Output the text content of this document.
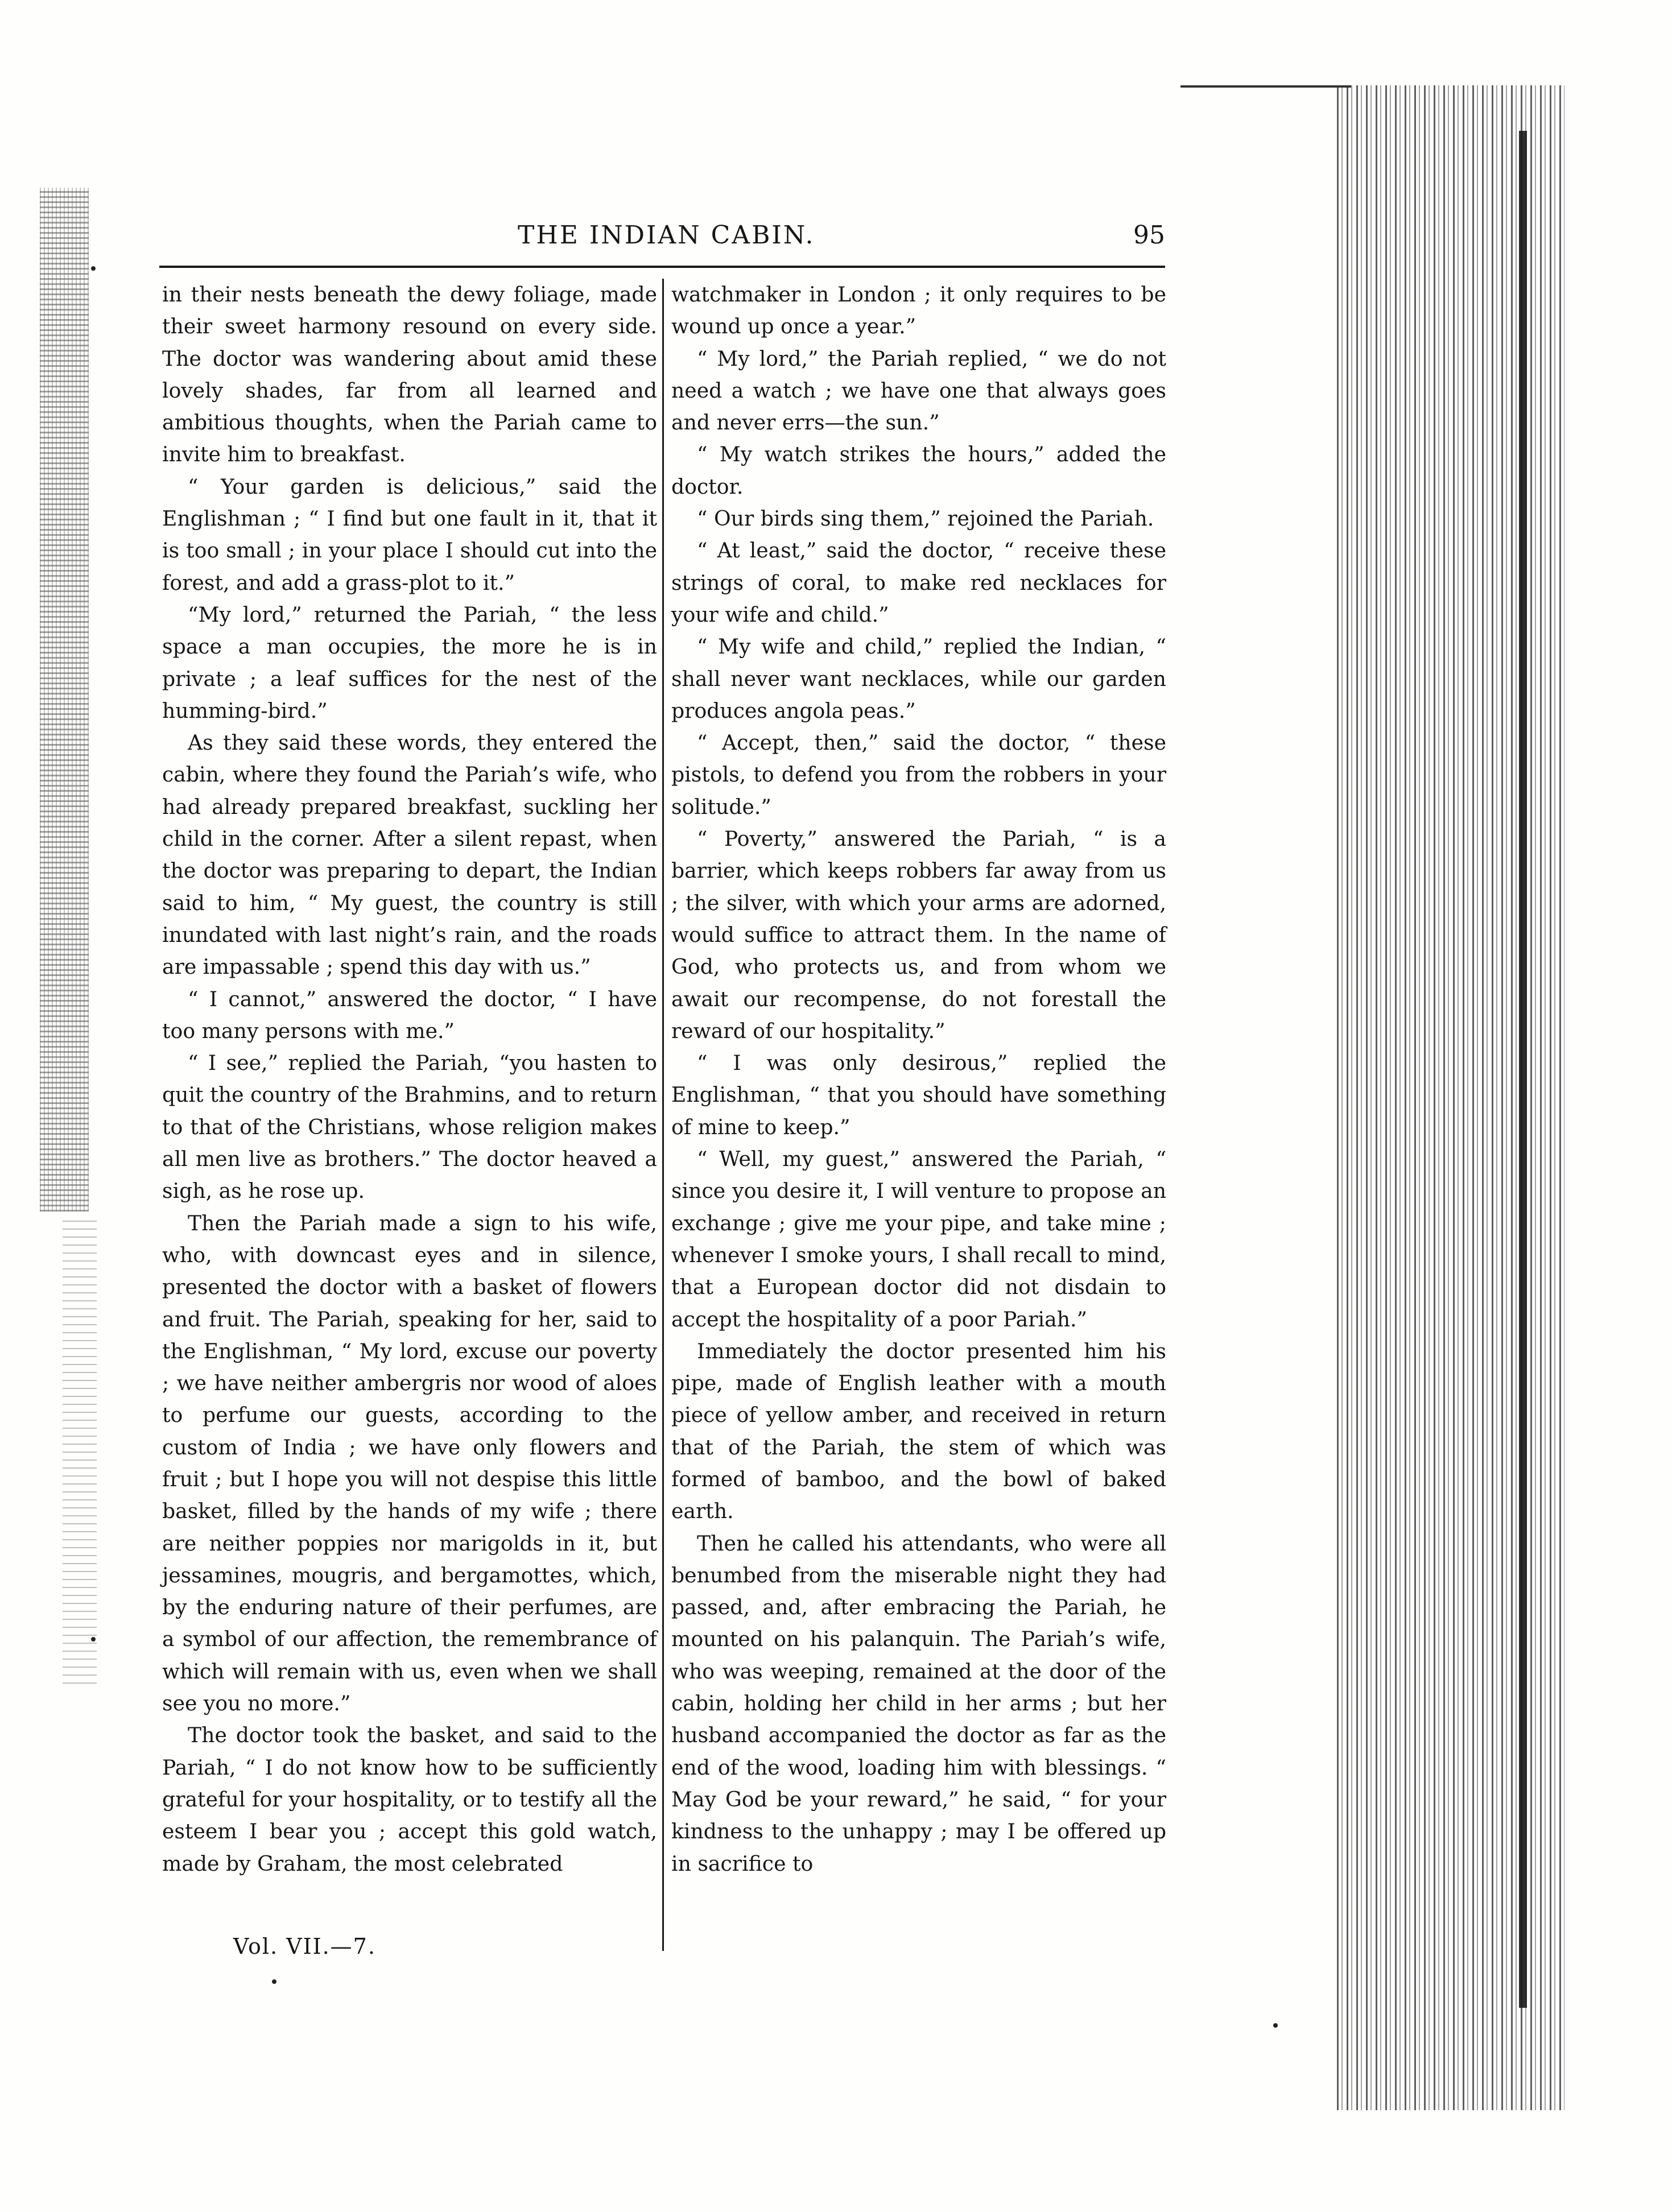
THE INDIAN CABIN.	95

in their nests beneath the dewy foliage, made their sweet harmony resound on every side. The doctor was wandering about amid these lovely shades, far from all learned and ambitious thoughts, when the Pariah came to invite him to breakfast.

“ Your garden is delicious,” said the Englishman ; “ I find but one fault in it, that it is too small ; in your place I should cut into the forest, and add a grass-plot to it.”

“My lord,” returned the Pariah, “ the less space a man occupies, the more he is in private ; a leaf suffices for the nest of the humming-bird.”

As they said these words, they entered the cabin, where they found the Pariah’s wife, who had already prepared breakfast, suckling her child in the corner. After a silent repast, when the doctor was preparing to depart, the Indian said to him, “ My guest, the country is still inundated with last night’s rain, and the roads are impassable ; spend this day with us.”

“ I cannot,” answered the doctor, “ I have too many persons with me.”

“ I see,” replied the Pariah, “you hasten to quit the country of the Brahmins, and to return to that of the Christians, whose religion makes all men live as brothers.” The doctor heaved a sigh, as he rose up.

Then the Pariah made a sign to his wife, who, with downcast eyes and in silence, presented the doctor with a basket of flowers and fruit. The Pariah, speaking for her, said to the Englishman, “ My lord, excuse our poverty ; we have neither ambergris nor wood of aloes to perfume our guests, according to the custom of India ; we have only flowers and fruit ; but I hope you will not despise this little basket, filled by the hands of my wife ; there are neither poppies nor marigolds in it, but jessamines, mougris, and bergamottes, which, by the enduring nature of their perfumes, are a symbol of our affection, the remembrance of which will remain with us, even when we shall see you no more.”

The doctor took the basket, and said to the Pariah, “ I do not know how to be sufficiently grateful for your hospitality, or to testify all the esteem I bear you ; accept this gold watch, made by Graham, the most celebrated

watchmaker in London ; it only requires to be wound up once a year.”

“ My lord,” the Pariah replied, “ we do not need a watch ; we have one that always goes and never errs—the sun.”

“ My watch strikes the hours,” added the doctor.

“ Our birds sing them,” rejoined the Pariah.

“ At least,” said the doctor, “ receive these strings of coral, to make red necklaces for your wife and child.”

“ My wife and child,” replied the Indian, “ shall never want necklaces, while our garden produces angola peas.”

“ Accept, then,” said the doctor, “ these pistols, to defend you from the robbers in your solitude.”

“ Poverty,” answered the Pariah, “ is a barrier, which keeps robbers far away from us ; the silver, with which your arms are adorned, would suffice to attract them. In the name of God, who protects us, and from whom we await our recompense, do not forestall the reward of our hospitality.”

“ I was only desirous,” replied the Englishman, “ that you should have something of mine to keep.”

“ Well, my guest,” answered the Pariah, “ since you desire it, I will venture to propose an exchange ; give me your pipe, and take mine ; whenever I smoke yours, I shall recall to mind, that a European doctor did not disdain to accept the hospitality of a poor Pariah.”

Immediately the doctor presented him his pipe, made of English leather with a mouth piece of yellow amber, and received in return that of the Pariah, the stem of which was formed of bamboo, and the bowl of baked earth.

Then he called his attendants, who were all benumbed from the miserable night they had passed, and, after embracing the Pariah, he mounted on his palanquin. The Pariah’s wife, who was weeping, remained at the door of the cabin, holding her child in her arms ; but her husband accompanied the doctor as far as the end of the wood, loading him with blessings. “ May God be your reward,” he said, “ for your kindness to the unhappy ; may I be offered up in sacrifice to

Vol. VII.—7.
